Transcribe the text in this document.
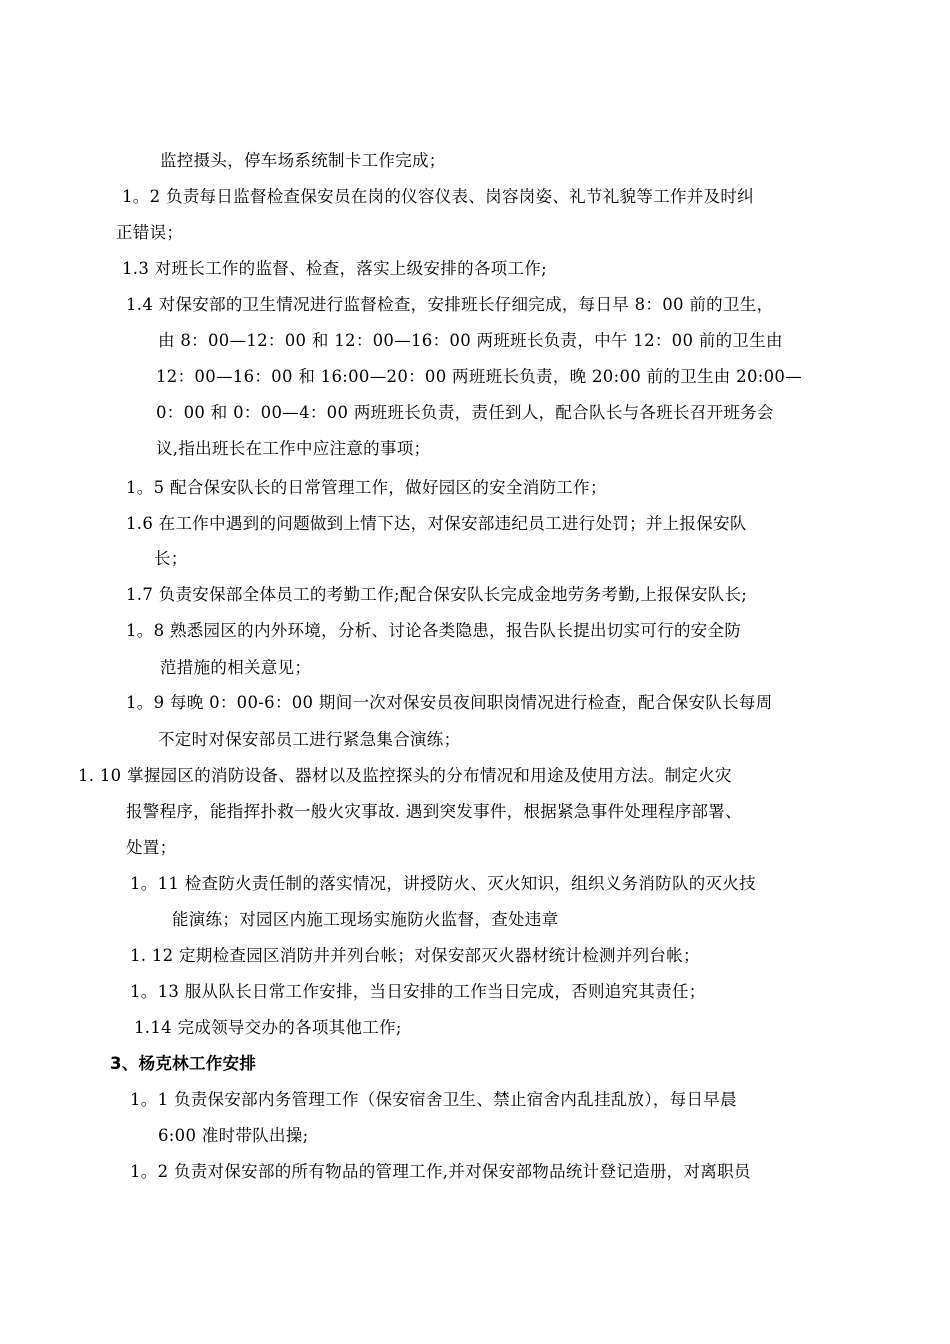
监控摄头，停车场系统制卡工作完成；
1。2 负责每日监督检查保安员在岗的仪容仪表、岗容岗姿、礼节礼貌等工作并及时纠
正错误；
1.3 对班长工作的监督、检查，落实上级安排的各项工作;
1.4 对保安部的卫生情况进行监督检查，安排班长仔细完成，每日早 8：00 前的卫生，
由 8：00—12：00 和 12：00—16：00 两班班长负责，中午 12：00 前的卫生由
12：00—16：00 和 16:00—20：00 两班班长负责，晚 20:00 前的卫生由 20:00—
0：00 和 0：00—4：00 两班班长负责，责任到人，配合队长与各班长召开班务会
议,指出班长在工作中应注意的事项；
1。5 配合保安队长的日常管理工作，做好园区的安全消防工作；
1.6 在工作中遇到的问题做到上情下达，对保安部违纪员工进行处罚；并上报保安队
长；
1.7 负责安保部全体员工的考勤工作;配合保安队长完成金地劳务考勤,上报保安队长;
1。8 熟悉园区的内外环境，分析、讨论各类隐患，报告队长提出切实可行的安全防
范措施的相关意见；
1。9 每晚 0：00-6：00 期间一次对保安员夜间职岗情况进行检查，配合保安队长每周
不定时对保安部员工进行紧急集合演练；
1. 10 掌握园区的消防设备、器材以及监控探头的分布情况和用途及使用方法。制定火灾
报警程序，能指挥扑救一般火灾事故. 遇到突发事件，根据紧急事件处理程序部署、
处置；
1。11 检查防火责任制的落实情况，讲授防火、灭火知识，组织义务消防队的灭火技
能演练；对园区内施工现场实施防火监督，查处违章
1. 12 定期检查园区消防井并列台帐；对保安部灭火器材统计检测并列台帐；
1。13 服从队长日常工作安排，当日安排的工作当日完成，否则追究其责任；
1.14 完成领导交办的各项其他工作;
3、杨克林工作安排
1。1 负责保安部内务管理工作（保安宿舍卫生、禁止宿舍内乱挂乱放），每日早晨
6:00 准时带队出操;
1。2 负责对保安部的所有物品的管理工作,并对保安部物品统计登记造册，对离职员
